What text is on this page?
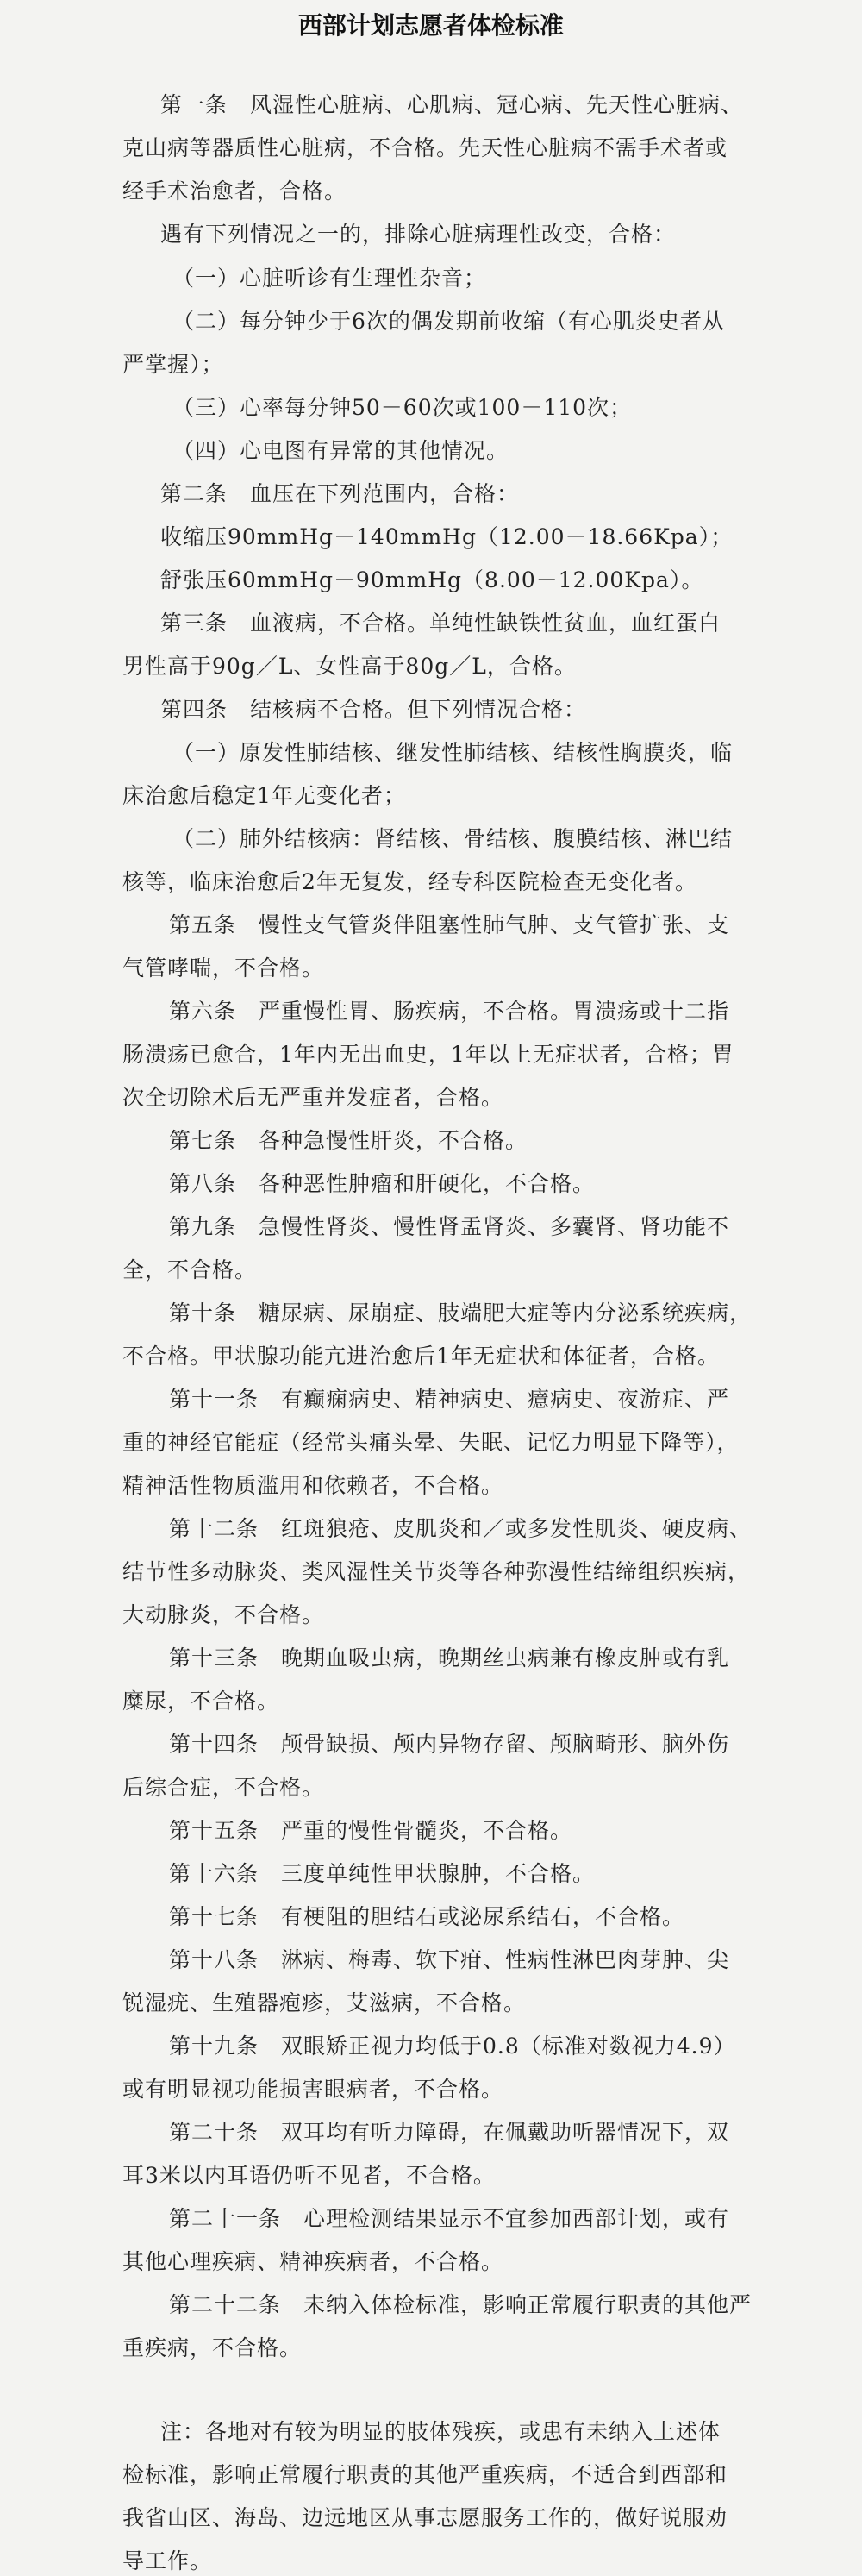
西部计划志愿者体检标准
第一条　风湿性心脏病、心肌病、冠心病、先天性心脏病、
克山病等器质性心脏病，不合格。先天性心脏病不需手术者或
经手术治愈者，合格。
遇有下列情况之一的，排除心脏病理性改变，合格：
（一）心脏听诊有生理性杂音；
（二）每分钟少于6次的偶发期前收缩（有心肌炎史者从
严掌握）；
（三）心率每分钟50－60次或100－110次；
（四）心电图有异常的其他情况。
第二条　血压在下列范围内，合格：
收缩压90mmHg－140mmHg（12.00－18.66Kpa）；
舒张压60mmHg－90mmHg（8.00－12.00Kpa）。
第三条　血液病，不合格。单纯性缺铁性贫血，血红蛋白
男性高于90g／L、女性高于80g／L，合格。
第四条　结核病不合格。但下列情况合格：
（一）原发性肺结核、继发性肺结核、结核性胸膜炎，临
床治愈后稳定1年无变化者；
（二）肺外结核病：肾结核、骨结核、腹膜结核、淋巴结
核等，临床治愈后2年无复发，经专科医院检查无变化者。
第五条　慢性支气管炎伴阻塞性肺气肿、支气管扩张、支
气管哮喘，不合格。
第六条　严重慢性胃、肠疾病，不合格。胃溃疡或十二指
肠溃疡已愈合，1年内无出血史，1年以上无症状者，合格；胃
次全切除术后无严重并发症者，合格。
第七条　各种急慢性肝炎，不合格。
第八条　各种恶性肿瘤和肝硬化，不合格。
第九条　急慢性肾炎、慢性肾盂肾炎、多囊肾、肾功能不
全，不合格。
第十条　糖尿病、尿崩症、肢端肥大症等内分泌系统疾病，
不合格。甲状腺功能亢进治愈后1年无症状和体征者，合格。
第十一条　有癫痫病史、精神病史、癔病史、夜游症、严
重的神经官能症（经常头痛头晕、失眠、记忆力明显下降等），
精神活性物质滥用和依赖者，不合格。
第十二条　红斑狼疮、皮肌炎和／或多发性肌炎、硬皮病、
结节性多动脉炎、类风湿性关节炎等各种弥漫性结缔组织疾病，
大动脉炎，不合格。
第十三条　晚期血吸虫病，晚期丝虫病兼有橡皮肿或有乳
糜尿，不合格。
第十四条　颅骨缺损、颅内异物存留、颅脑畸形、脑外伤
后综合症，不合格。
第十五条　严重的慢性骨髓炎，不合格。
第十六条　三度单纯性甲状腺肿，不合格。
第十七条　有梗阻的胆结石或泌尿系结石，不合格。
第十八条　淋病、梅毒、软下疳、性病性淋巴肉芽肿、尖
锐湿疣、生殖器疱疹，艾滋病，不合格。
第十九条　双眼矫正视力均低于0.8（标准对数视力4.9）
或有明显视功能损害眼病者，不合格。
第二十条　双耳均有听力障碍，在佩戴助听器情况下，双
耳3米以内耳语仍听不见者，不合格。
第二十一条　心理检测结果显示不宜参加西部计划，或有
其他心理疾病、精神疾病者，不合格。
第二十二条　未纳入体检标准，影响正常履行职责的其他严
重疾病，不合格。
注：各地对有较为明显的肢体残疾，或患有未纳入上述体
检标准，影响正常履行职责的其他严重疾病，不适合到西部和
我省山区、海岛、边远地区从事志愿服务工作的，做好说服劝
导工作。
